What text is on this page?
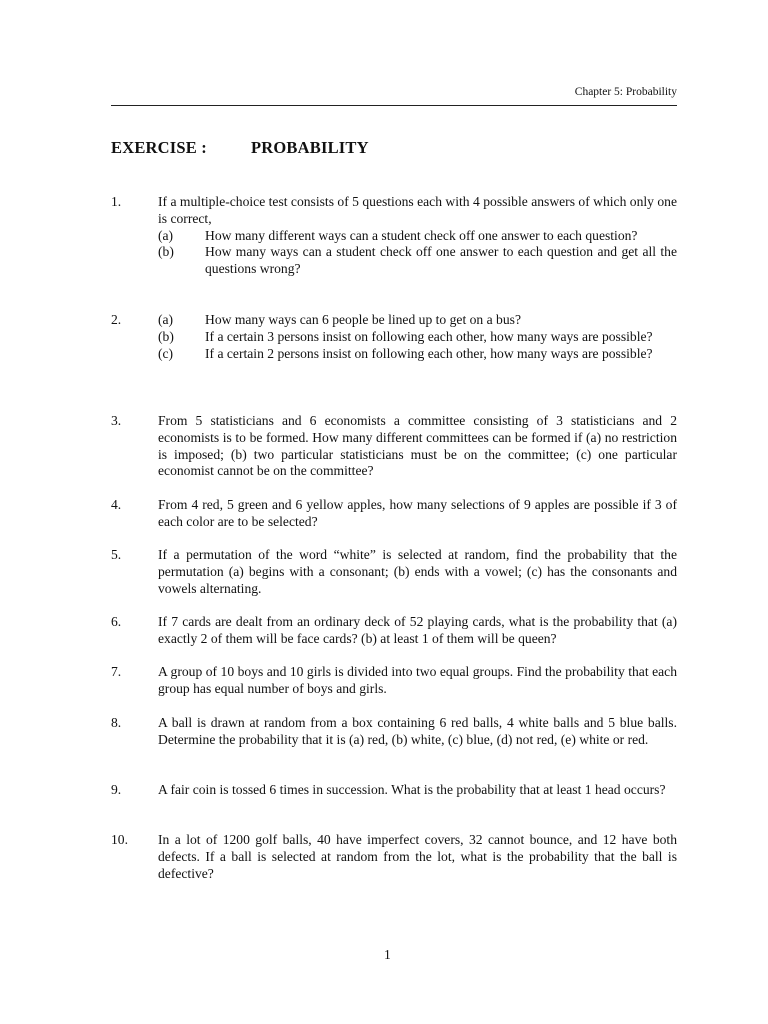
Chapter 5: Probability
EXERCISE :	PROBABILITY
1.	If a multiple-choice test consists of 5 questions each with 4 possible answers of which only one is correct,
(a)	How many different ways can a student check off one answer to each question?
(b)	How many ways can a student check off one answer to each question and get all the questions wrong?
2.	(a)	How many ways can 6 people be lined up to get on a bus?
(b)	If a certain 3 persons insist on following each other, how many ways are possible?
(c)	If a certain 2 persons insist on following each other, how many ways are possible?
3.	From 5 statisticians and 6 economists a committee consisting of 3 statisticians and 2 economists is to be formed. How many different committees can be formed if (a) no restriction is imposed; (b) two particular statisticians must be on the committee; (c) one particular economist cannot be on the committee?
4.	From 4 red, 5 green and 6 yellow apples, how many selections of 9 apples are possible if 3 of each color are to be selected?
5.	If a permutation of the word “white” is selected at random, find the probability that the permutation (a) begins with a consonant; (b) ends with a vowel; (c) has the consonants and vowels alternating.
6.	If 7 cards are dealt from an ordinary deck of 52 playing cards, what is the probability that (a) exactly 2 of them will be face cards? (b) at least 1 of them will be queen?
7.	A group of 10 boys and 10 girls is divided into two equal groups. Find the probability that each group has equal number of boys and girls.
8.	A ball is drawn at random from a box containing 6 red balls, 4 white balls and 5 blue balls. Determine the probability that it is (a) red, (b) white, (c) blue, (d) not red, (e) white or red.
9.	A fair coin is tossed 6 times in succession. What is the probability that at least 1 head occurs?
10. In a lot of 1200 golf balls, 40 have imperfect covers, 32 cannot bounce, and 12 have both defects. If a ball is selected at random from the lot, what is the probability that the ball is defective?
1
